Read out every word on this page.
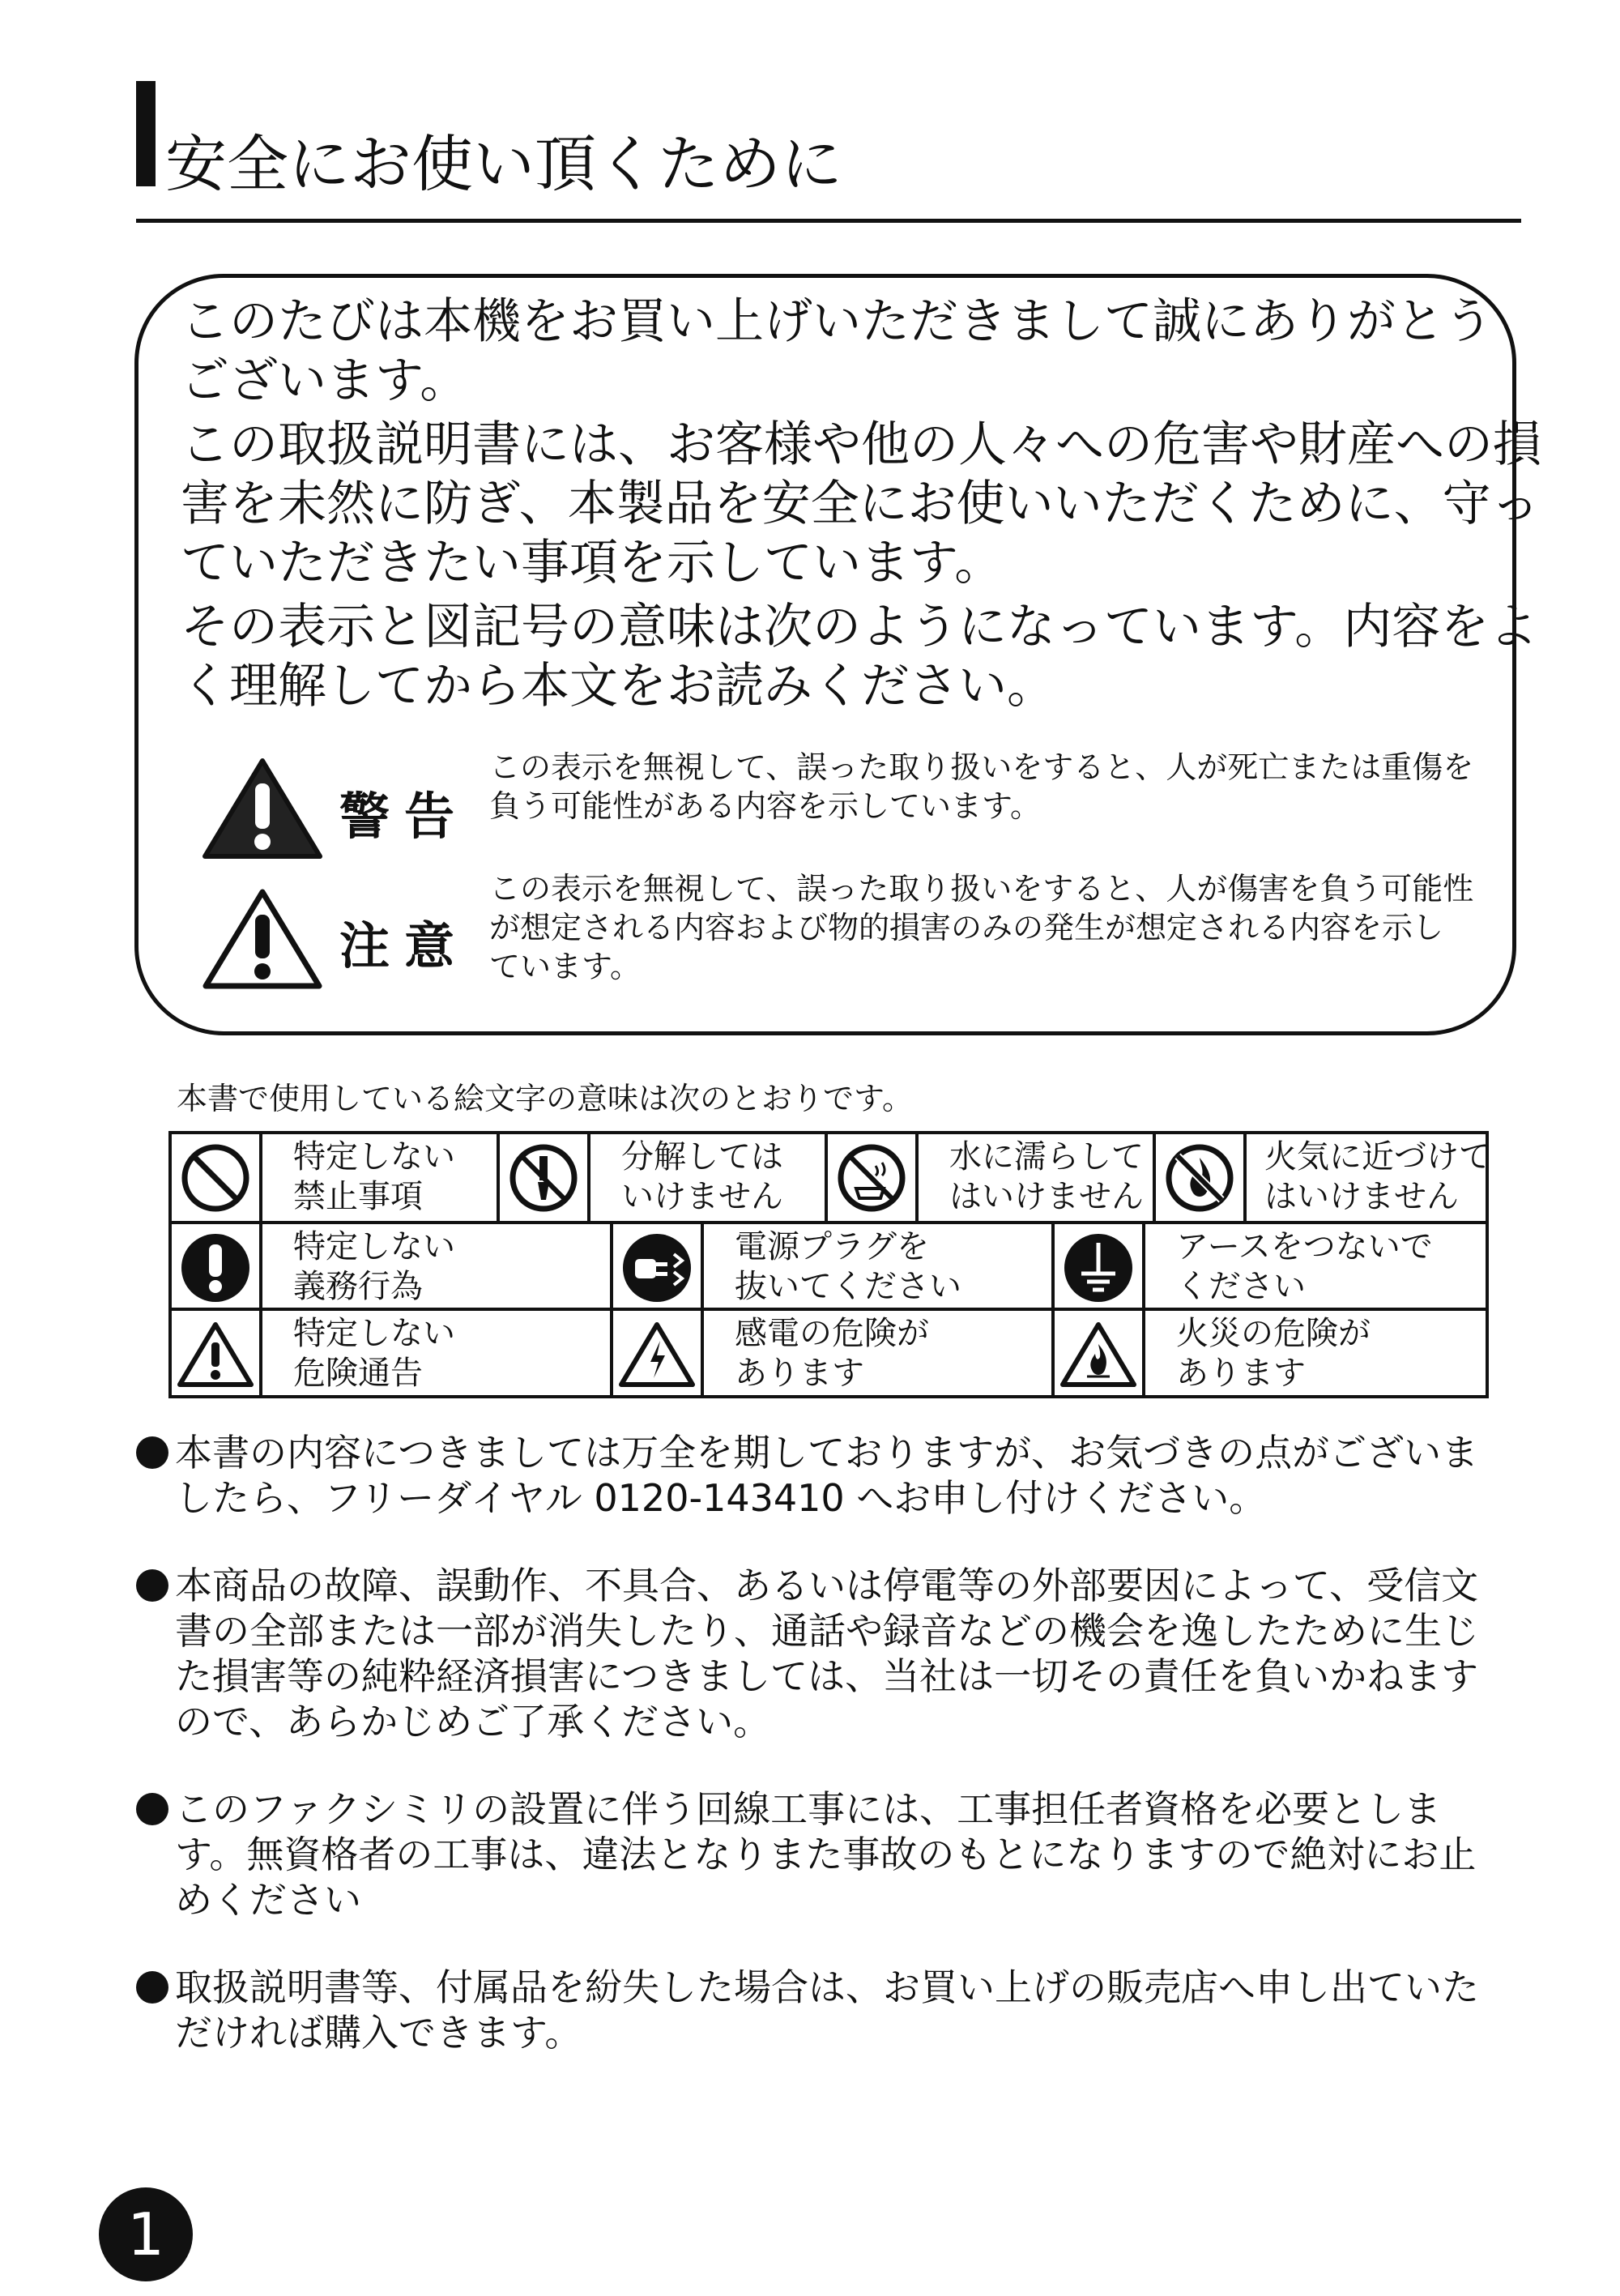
安全にお使い頂くために
このたびは本機をお買い上げいただきまして誠にありがとう
ございます。
この取扱説明書には、お客様や他の人々への危害や財産への損
害を未然に防ぎ、本製品を安全にお使いいただくために、守っ
ていただきたい事項を示しています。
その表示と図記号の意味は次のようになっています。内容をよ
く理解してから本文をお読みください。
警告
この表示を無視して、誤った取り扱いをすると、人が死亡または重傷を
負う可能性がある内容を示しています。
注意
この表示を無視して、誤った取り扱いをすると、人が傷害を負う可能性
が想定される内容および物的損害のみの発生が想定される内容を示し
ています。
本書で使用している絵文字の意味は次のとおりです。
特定しない
禁止事項
分解しては
いけません
水に濡らして
はいけません
火気に近づけて
はいけません
特定しない
義務行為
電源プラグを
抜いてください
アースをつないで
ください
特定しない
危険通告
感電の危険が
あります
火災の危険が
あります
本書の内容につきましては万全を期しておりますが、お気づきの点がございま
したら、フリーダイヤル 0120-143410 へお申し付けください。
本商品の故障、誤動作、不具合、あるいは停電等の外部要因によって、受信文
書の全部または一部が消失したり、通話や録音などの機会を逸したために生じ
た損害等の純粋経済損害につきましては、当社は一切その責任を負いかねます
ので、あらかじめご了承ください。
このファクシミリの設置に伴う回線工事には、工事担任者資格を必要としま
す。無資格者の工事は、違法となりまた事故のもとになりますので絶対にお止
めください
取扱説明書等、付属品を紛失した場合は、お買い上げの販売店へ申し出ていた
だければ購入できます。
1
